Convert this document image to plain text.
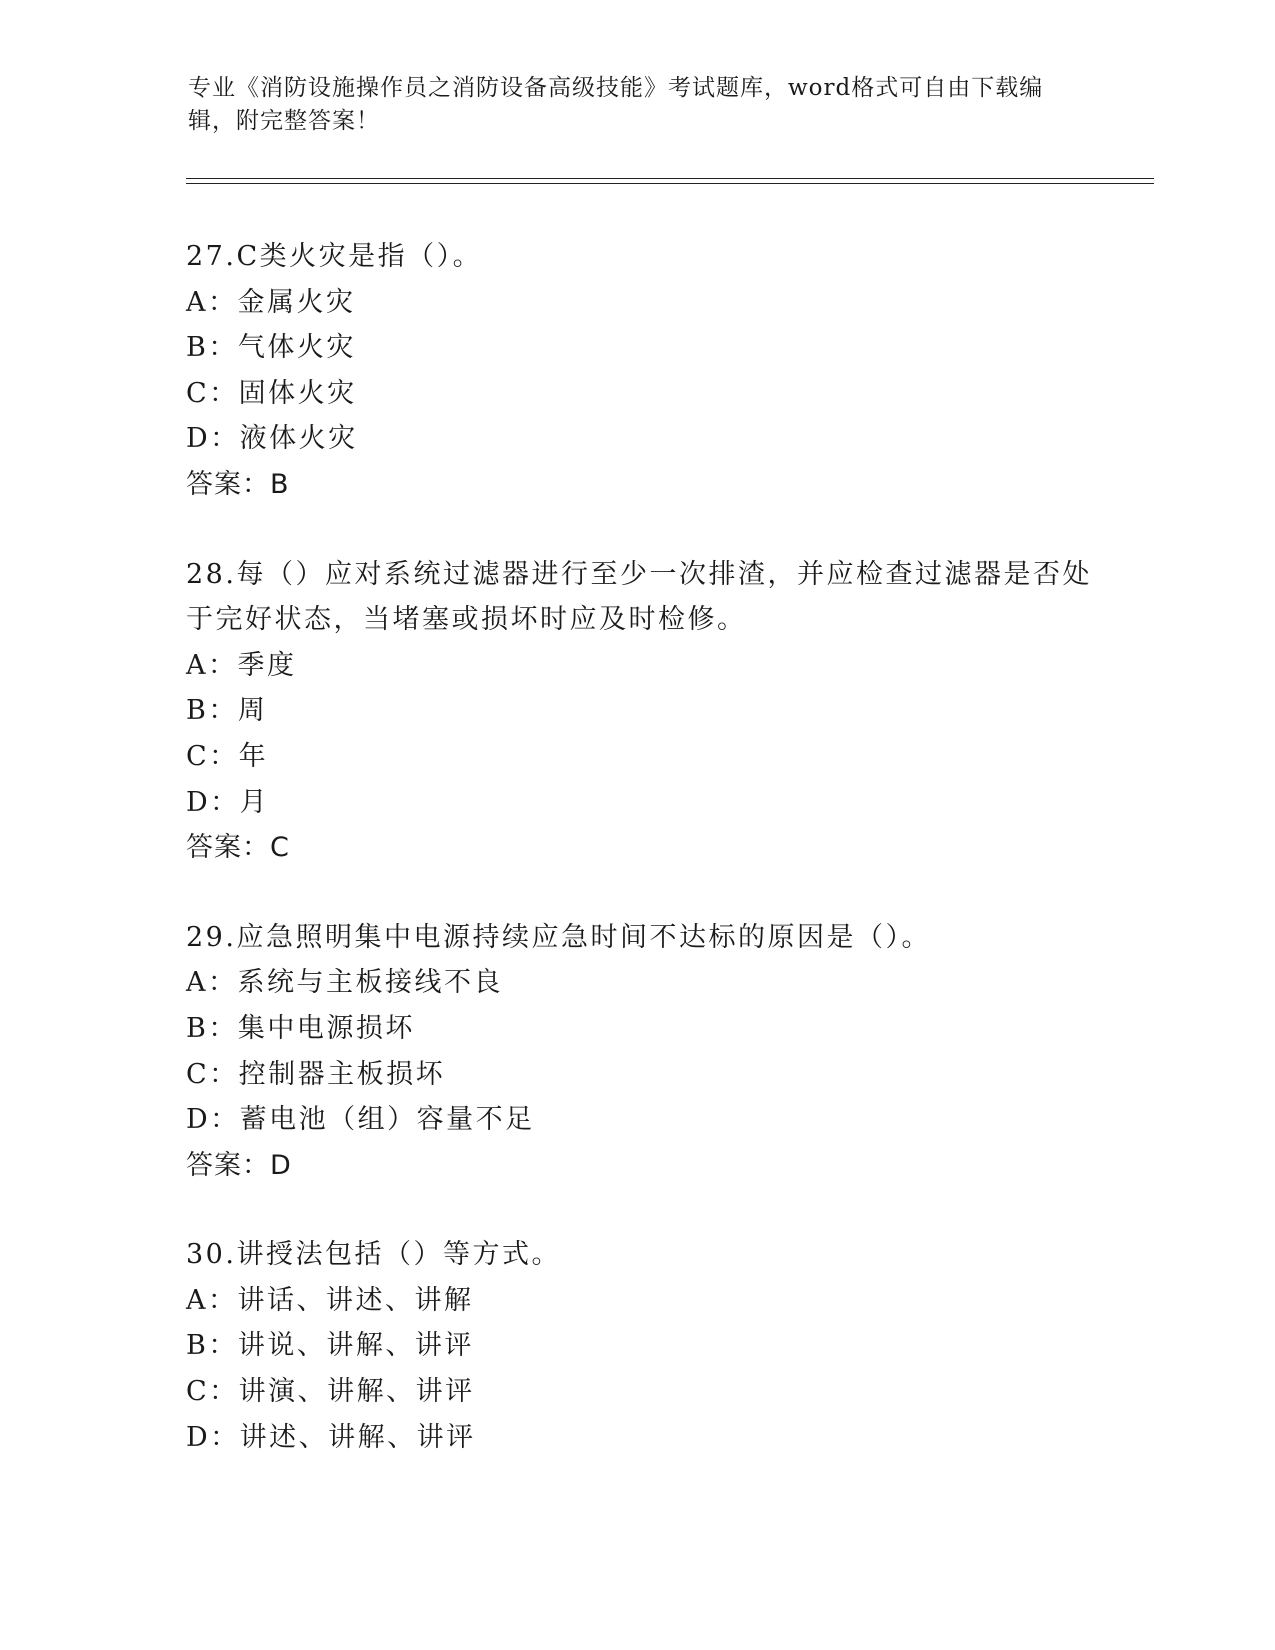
专业《消防设施操作员之消防设备高级技能》考试题库，word格式可自由下载编
辑，附完整答案！
27.C类火灾是指（）。
A：金属火灾
B：气体火灾
C：固体火灾
D：液体火灾
答案：B
28.每（）应对系统过滤器进行至少一次排渣，并应检查过滤器是否处
于完好状态，当堵塞或损坏时应及时检修。
A：季度
B：周
C：年
D：月
答案：C
29.应急照明集中电源持续应急时间不达标的原因是（）。
A：系统与主板接线不良
B：集中电源损坏
C：控制器主板损坏
D：蓄电池（组）容量不足
答案：D
30.讲授法包括（）等方式。
A：讲话、讲述、讲解
B：讲说、讲解、讲评
C：讲演、讲解、讲评
D：讲述、讲解、讲评
